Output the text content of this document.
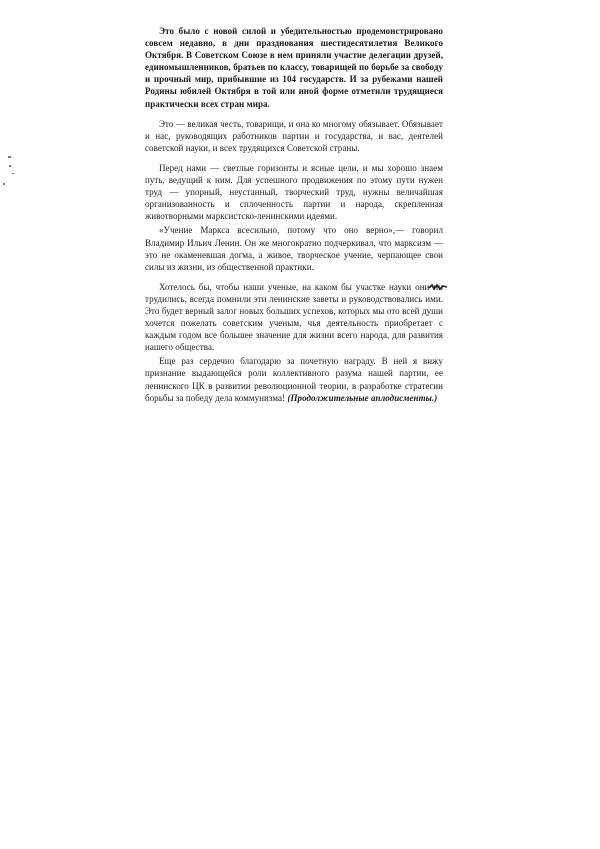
Это было с новой силой и убедительностью продемонстрировано совсем недавно, в дни празднования шестидесятилетия Великого Октября. В Советском Союзе в нем приняли участие делегации друзей, единомышленников, братьев по классу, товарищей по борьбе за свободу и прочный мир, прибывшие из 104 государств. И за рубежами нашей Родины юбилей Октября в той или иной форме отметили трудящиеся практически всех стран мира.

Это — великая честь, товарищи, и она ко многому обязывает. Обязывает и нас, руководящих работников партии и государства, и вас, деятелей советской науки, и всех трудящихся Советской страны.

Перед нами — светлые горизонты и ясные цели, и мы хорошо знаем путь, ведущий к ним. Для успешного продвижения по этому пути нужен труд — упорный, неустанный, творческий труд, нужны величайшая организованность и сплоченность партии и народа, скрепленная животворными марксистско-ленинскими идеями.

«Учение Маркса всесильно, потому что оно верно»,— говорил Владимир Ильич Ленин. Он же многократно подчеркивал, что марксизм — это не окаменевшая догма, а живое, творческое учение, черпающее свои силы из жизни, из общественной практики.

Хотелось бы, чтобы наши ученые, на каком бы участке науки они ни трудились, всегда помнили эти ленинские заветы и руководствовались ими. Это будет верный залог новых больших успехов, которых мы ото всей души хочется пожелать советским ученым, чья деятельность приобретает с каждым годом все большее значение для жизни всего народа, для развития нашего общества.

Еще раз сердечно благодарю за почетную награду. В ней я вижу признание выдающейся роли коллективного разума нашей партии, ее ленинского ЦК в развитии революционной теории, в разработке стратегии борьбы за победу дела коммунизма! (Продолжительные аплодисменты.)
